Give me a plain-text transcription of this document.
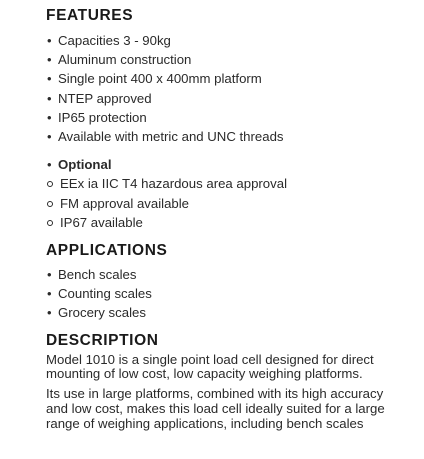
FEATURES
• Capacities 3 - 90kg
• Aluminum construction
• Single point 400 x 400mm platform
• NTEP approved
• IP65 protection
• Available with metric and UNC threads
• Optional
EEx ia IIC T4 hazardous area approval
FM approval available
IP67 available
APPLICATIONS
• Bench scales
• Counting scales
• Grocery scales
DESCRIPTION

Model 1010 is a single point load cell designed for direct
mounting of low cost, low capacity weighing platforms.

Its use in large platforms, combined with its high accuracy
and low cost, makes this load cell ideally suited for a large
range of weighing applications, including bench scales
